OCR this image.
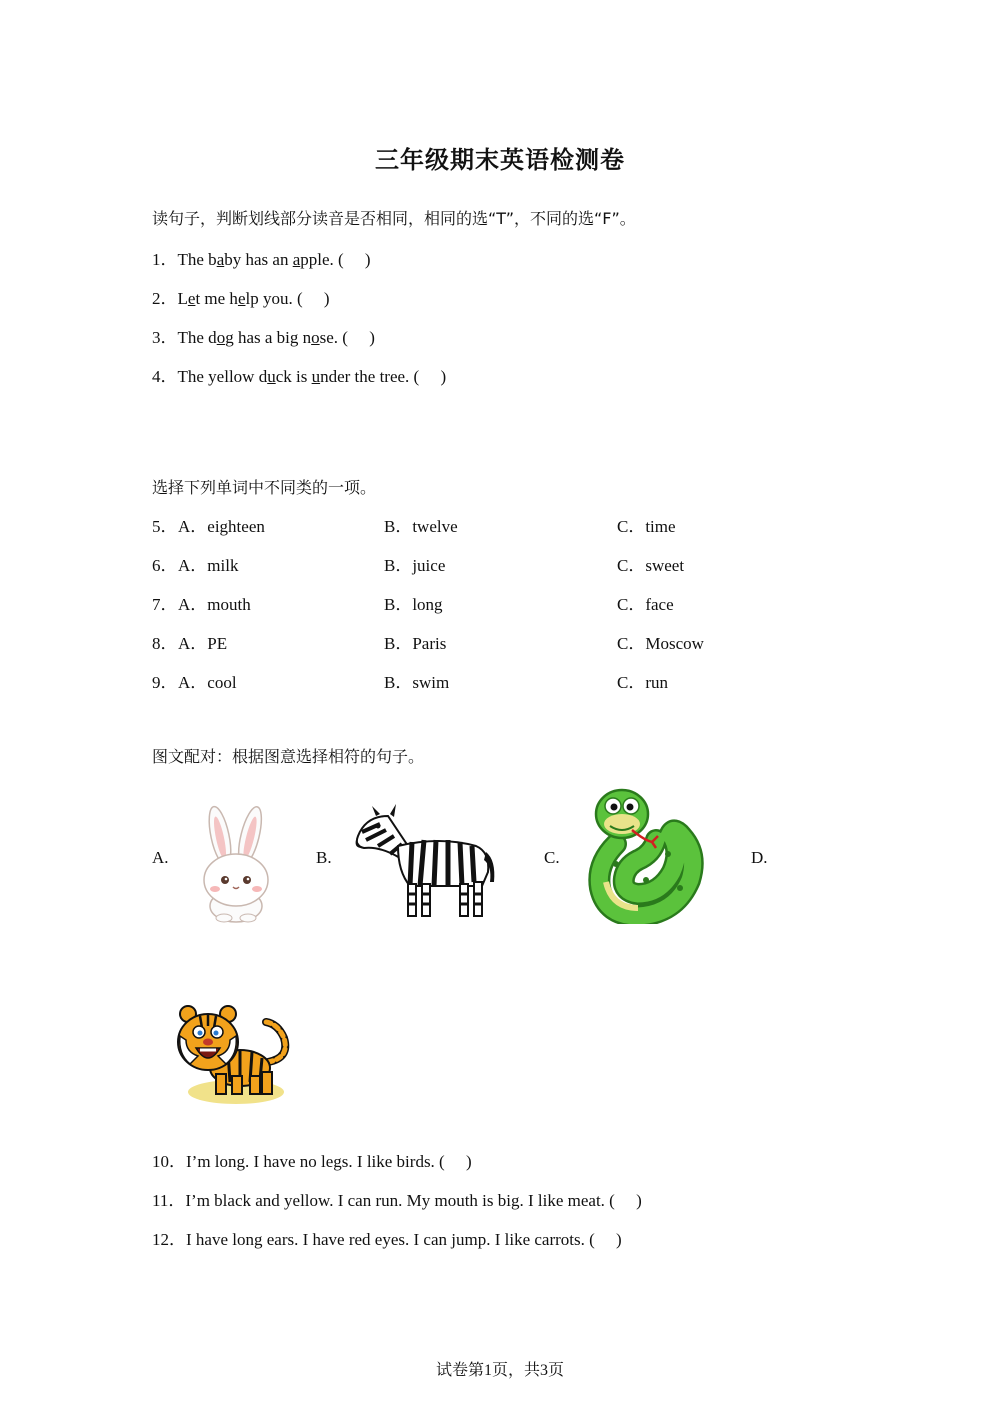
三年级期末英语检测卷
读句子，判断划线部分读音是否相同，相同的选“T”，不同的选“F”。
1．The baby has an apple. (     )
2．Let me help you. (     )
3．The dog has a big nose. (     )
4．The yellow duck is under the tree. (     )
选择下列单词中不同类的一项。
5． A．eighteen	B．twelve	C．time
6． A．milk	B．juice	C．sweet
7． A．mouth	B．long	C．face
8． A．PE	B．Paris	C．Moscow
9． A．cool	B．swim	C．run
图文配对：根据图意选择相符的句子。
A.	B.	C.	D.
10．I’m long. I have no legs. I like birds. (     )
11．I’m black and yellow. I can run. My mouth is big. I like meat. (     )
12．I have long ears. I have red eyes. I can jump. I like carrots. (     )
试卷第1页，共3页
